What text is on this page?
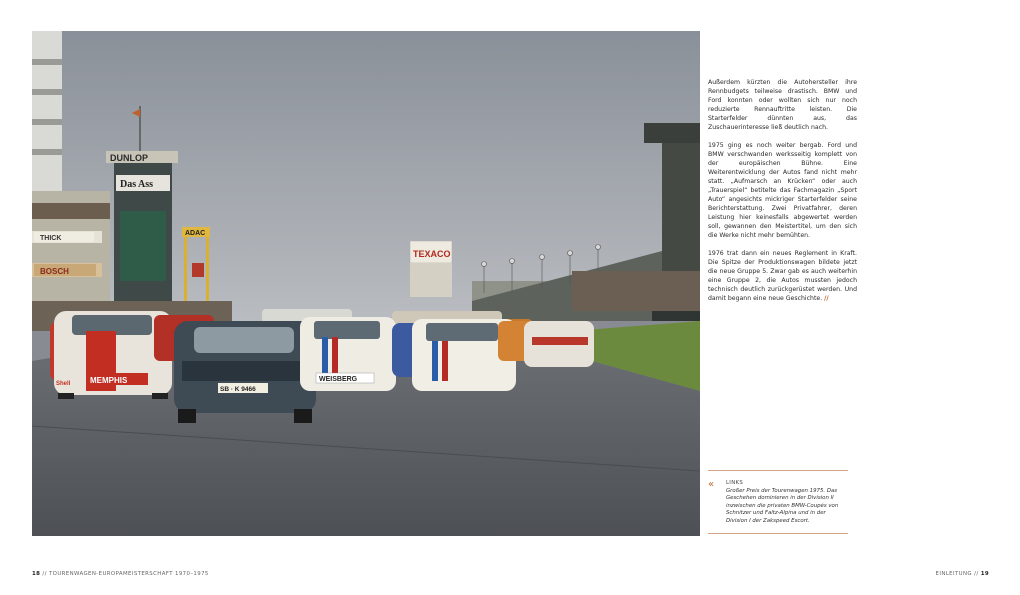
THICK
BOSCH
DUNLOP
Das Ass
ADAC
TEXACO
MEMPHIS
Shell
SB · K 9466
WEISBERG

Außerdem kürzten die Autohersteller ihre Rennbudgets teilweise drastisch. BMW und Ford konnten oder wollten sich nur noch reduzierte Rennauftritte leisten. Die Starterfelder dünnten aus, das Zuschauerinteresse ließ deutlich nach.

1975 ging es noch weiter bergab. Ford und BMW verschwanden werksseitig komplett von der europäischen Bühne. Eine Weiterentwicklung der Autos fand nicht mehr statt. „Aufmarsch an Krücken“ oder auch „Trauerspiel“ betitelte das Fachmagazin „Sport Auto“ angesichts mickriger Starterfelder seine Berichterstattung. Zwei Privatfahrer, deren Leistung hier keinesfalls abgewertet werden soll, gewannen den Meistertitel, um den sich die Werke nicht mehr bemühten.

1976 trat dann ein neues Reglement in Kraft. Die Spitze der Produktionswagen bildete jetzt die neue Gruppe 5. Zwar gab es auch weiterhin eine Gruppe 2, die Autos mussten jedoch technisch deutlich zurückgerüstet werden. Und damit begann eine neue Geschichte. //

«	LINKS
Großer Preis der Tourenwagen 1975. Das Geschehen dominieren in der Division II inzwischen die privaten BMW-Coupés von Schnitzer und Faltz-Alpina und in der Division I der Zakspeed Escort.
18 // TOURENWAGEN-EUROPAMEISTERSCHAFT 1970–1975	EINLEITUNG // 19
